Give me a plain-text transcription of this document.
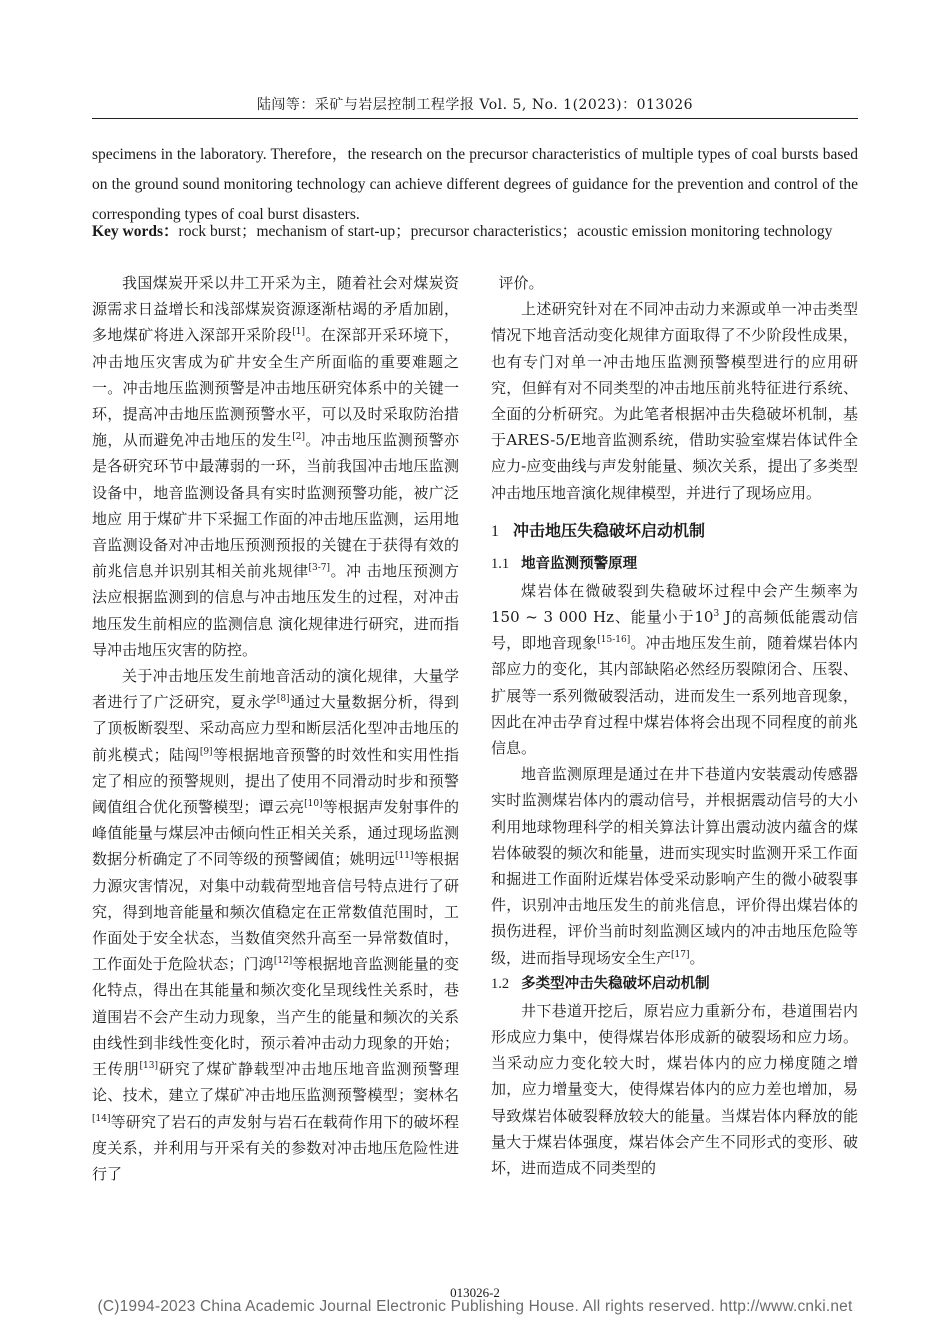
陆闯等：采矿与岩层控制工程学报 Vol. 5, No. 1(2023)：013026
specimens in the laboratory. Therefore，the research on the precursor characteristics of multiple types of coal bursts based on the ground sound monitoring technology can achieve different degrees of guidance for the prevention and control of the corresponding types of coal burst disasters.
Key words：rock burst；mechanism of start-up；precursor characteristics；acoustic emission monitoring technology

我国煤炭开采以井工开采为主，随着社会对煤炭资源需求日益增长和浅部煤炭资源逐渐枯竭的矛盾加剧，多地煤矿将进入深部开采阶段[1]。在深部开采环境下，冲击地压灾害成为矿井安全生产所面临的重要难题之一。冲击地压监测预警是冲击地压研究体系中的关键一环，提高冲击地压监测预警水平，可以及时采取防治措施，从而避免冲击地压的发生[2]。冲击地压监测预警亦是各研究环节中最薄弱的一环，当前我国冲击地压监测设备中，地音监测设备具有实时监测预警功能，被广泛地应 用于煤矿井下采掘工作面的冲击地压监测，运用地音监测设备对冲击地压预测预报的关键在于获得有效的前兆信息并识别其相关前兆规律[3-7]。冲 击地压预测方法应根据监测到的信息与冲击地压发生的过程，对冲击地压发生前相应的监测信息 演化规律进行研究，进而指导冲击地压灾害的防控。

关于冲击地压发生前地音活动的演化规律，大量学者进行了广泛研究，夏永学[8]通过大量数据分析，得到了顶板断裂型、采动高应力型和断层活化型冲击地压的前兆模式；陆闯[9]等根据地音预警的时效性和实用性指定了相应的预警规则，提出了使用不同滑动时步和预警阈值组合优化预警模型；谭云亮[10]等根据声发射事件的峰值能量与煤层冲击倾向性正相关关系，通过现场监测数据分析确定了不同等级的预警阈值；姚明远[11]等根据力源灾害情况，对集中动载荷型地音信号特点进行了研究，得到地音能量和频次值稳定在正常数值范围时，工作面处于安全状态，当数值突然升高至一异常数值时，工作面处于危险状态；门鸿[12]等根据地音监测能量的变化特点，得出在其能量和频次变化呈现线性关系时，巷道围岩不会产生动力现象，当产生的能量和频次的关系由线性到非线性变化时，预示着冲击动力现象的开始；王传朋[13]研究了煤矿静载型冲击地压地音监测预警理论、技术，建立了煤矿冲击地压监测预警模型；窦林名[14]等研究了岩石的声发射与岩石在载荷作用下的破坏程度关系，并利用与开采有关的参数对冲击地压危险性进行了

评价。

上述研究针对在不同冲击动力来源或单一冲击类型情况下地音活动变化规律方面取得了不少阶段性成果，也有专门对单一冲击地压监测预警模型进行的应用研究，但鲜有对不同类型的冲击地压前兆特征进行系统、全面的分析研究。为此笔者根据冲击失稳破坏机制，基于ARES-5/E地音监测系统，借助实验室煤岩体试件全应力-应变曲线与声发射能量、频次关系，提出了多类型冲击地压地音演化规律模型，并进行了现场应用。

1 冲击地压失稳破坏启动机制
1.1 地音监测预警原理

煤岩体在微破裂到失稳破坏过程中会产生频率为150 ~ 3 000 Hz、能量小于$10^3$ J的高频低能震动信号，即地音现象[15-16]。冲击地压发生前，随着煤岩体内部应力的变化，其内部缺陷必然经历裂隙闭合、压裂、扩展等一系列微破裂活动，进而发生一系列地音现象，因此在冲击孕育过程中煤岩体将会出现不同程度的前兆信息。

地音监测原理是通过在井下巷道内安装震动传感器实时监测煤岩体内的震动信号，并根据震动信号的大小利用地球物理科学的相关算法计算出震动波内蕴含的煤岩体破裂的频次和能量，进而实现实时监测开采工作面和掘进工作面附近煤岩体受采动影响产生的微小破裂事件，识别冲击地压发生的前兆信息，评价得出煤岩体的损伤进程，评价当前时刻监测区域内的冲击地压危险等级，进而指导现场安全生产[17]。

1.2 多类型冲击失稳破坏启动机制

井下巷道开挖后，原岩应力重新分布，巷道围岩内形成应力集中，使得煤岩体形成新的破裂场和应力场。当采动应力变化较大时，煤岩体内的应力梯度随之增加，应力增量变大，使得煤岩体内的应力差也增加，易导致煤岩体破裂释放较大的能量。当煤岩体内释放的能量大于煤岩体强度，煤岩体会产生不同形式的变形、破坏，进而造成不同类型的

013026-2
(C)1994-2023 China Academic Journal Electronic Publishing House. All rights reserved. http://www.cnki.net
